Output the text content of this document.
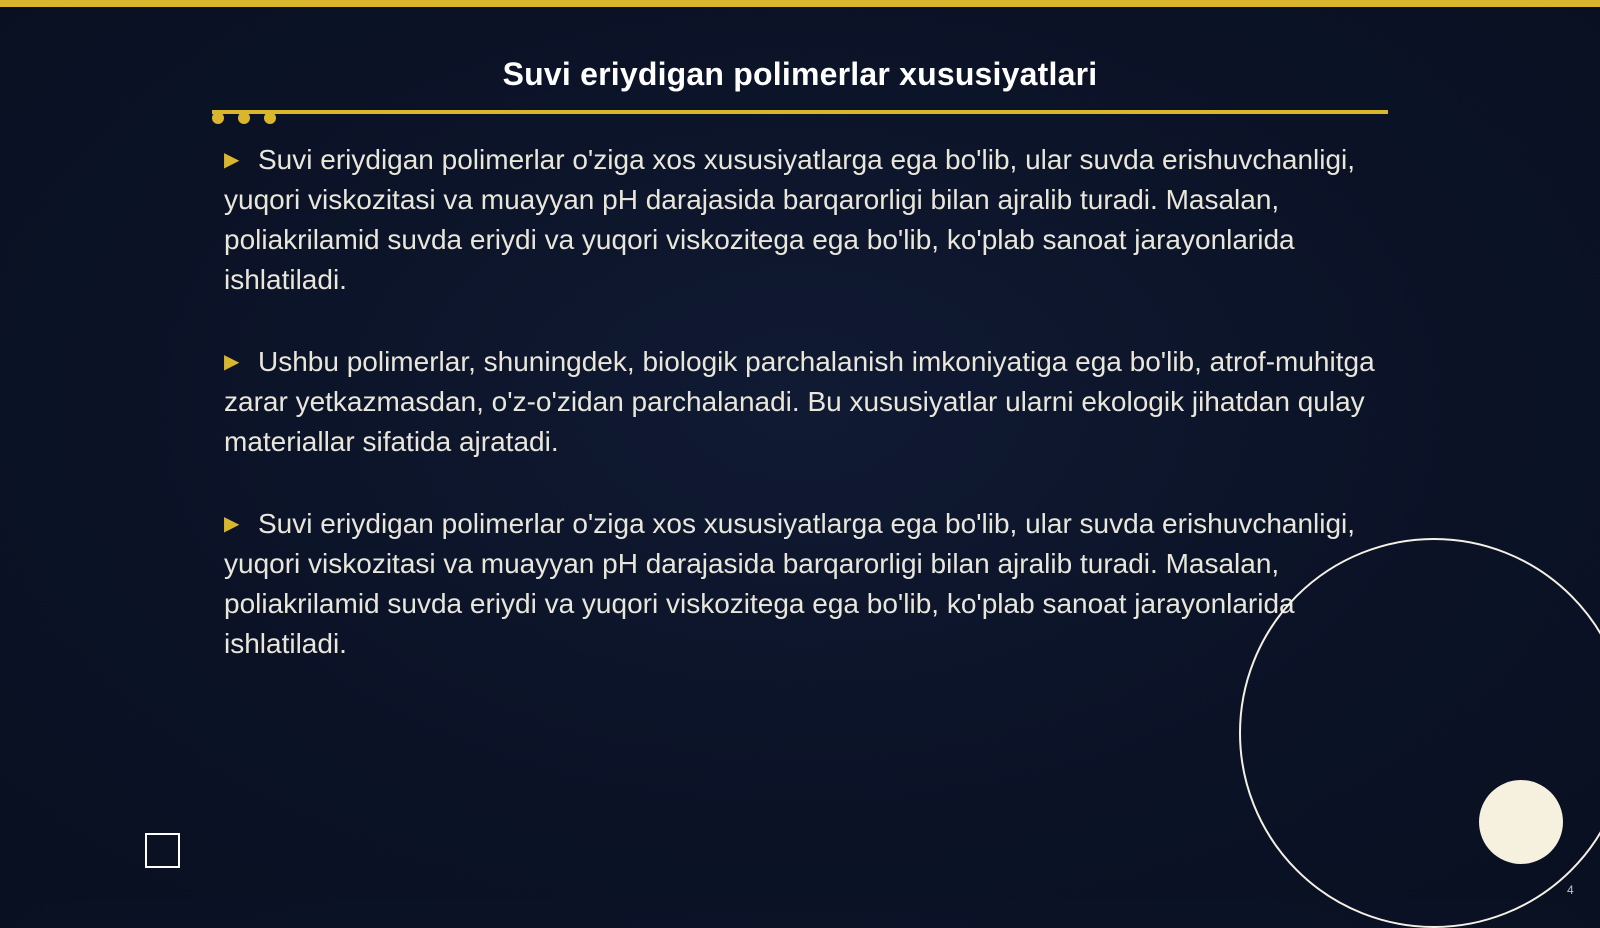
Suvi eriydigan polimerlar xususiyatlari

▶ Suvi eriydigan polimerlar o'ziga xos xususiyatlarga ega bo'lib, ular suvda erishuvchanligi, yuqori viskozitasi va muayyan pH darajasida barqarorligi bilan ajralib turadi. Masalan, poliakrilamid suvda eriydi va yuqori viskozitega ega bo'lib, ko'plab sanoat jarayonlarida ishlatiladi.

▶ Ushbu polimerlar, shuningdek, biologik parchalanish imkoniyatiga ega bo'lib, atrof-muhitga zarar yetkazmasdan, o'z-o'zidan parchalanadi. Bu xususiyatlar ularni ekologik jihatdan qulay materiallar sifatida ajratadi.

▶ Suvi eriydigan polimerlar o'ziga xos xususiyatlarga ega bo'lib, ular suvda erishuvchanligi, yuqori viskozitasi va muayyan pH darajasida barqarorligi bilan ajralib turadi. Masalan, poliakrilamid suvda eriydi va yuqori viskozitega ega bo'lib, ko'plab sanoat jarayonlarida ishlatiladi.

4
